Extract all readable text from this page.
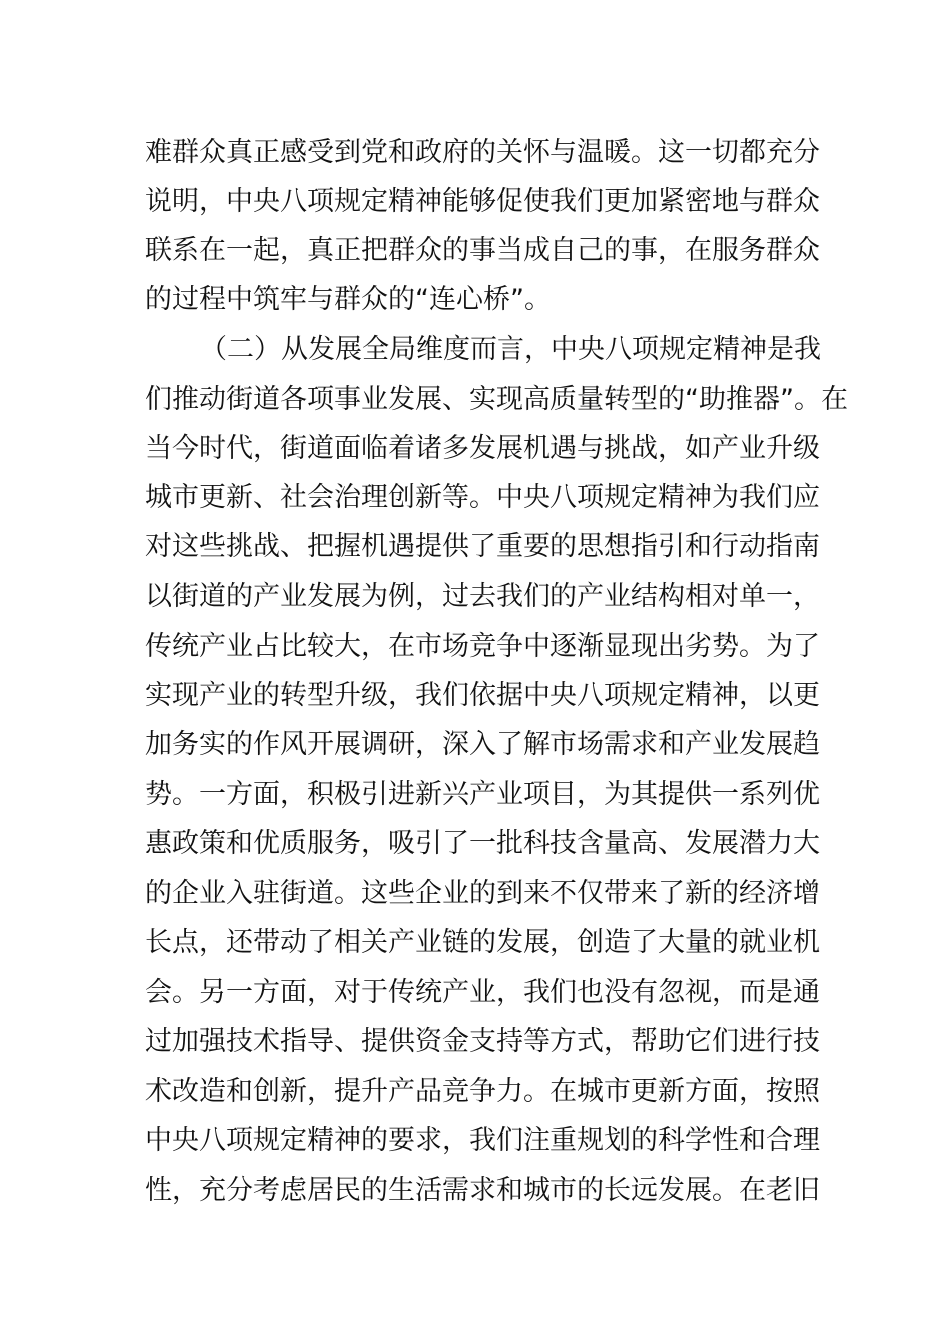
难群众真正感受到党和政府的关怀与温暖。这一切都充分
说明，中央八项规定精神能够促使我们更加紧密地与群众
联系在一起，真正把群众的事当成自己的事，在服务群众
的过程中筑牢与群众的“连心桥”。
（二）从发展全局维度而言，中央八项规定精神是我
们推动街道各项事业发展、实现高质量转型的“助推器”。在
当今时代，街道面临着诸多发展机遇与挑战，如产业升级
城市更新、社会治理创新等。中央八项规定精神为我们应
对这些挑战、把握机遇提供了重要的思想指引和行动指南
以街道的产业发展为例，过去我们的产业结构相对单一，
传统产业占比较大，在市场竞争中逐渐显现出劣势。为了
实现产业的转型升级，我们依据中央八项规定精神，以更
加务实的作风开展调研，深入了解市场需求和产业发展趋
势。一方面，积极引进新兴产业项目，为其提供一系列优
惠政策和优质服务，吸引了一批科技含量高、发展潜力大
的企业入驻街道。这些企业的到来不仅带来了新的经济增
长点，还带动了相关产业链的发展，创造了大量的就业机
会。另一方面，对于传统产业，我们也没有忽视，而是通
过加强技术指导、提供资金支持等方式，帮助它们进行技
术改造和创新，提升产品竞争力。在城市更新方面，按照
中央八项规定精神的要求，我们注重规划的科学性和合理
性，充分考虑居民的生活需求和城市的长远发展。在老旧
